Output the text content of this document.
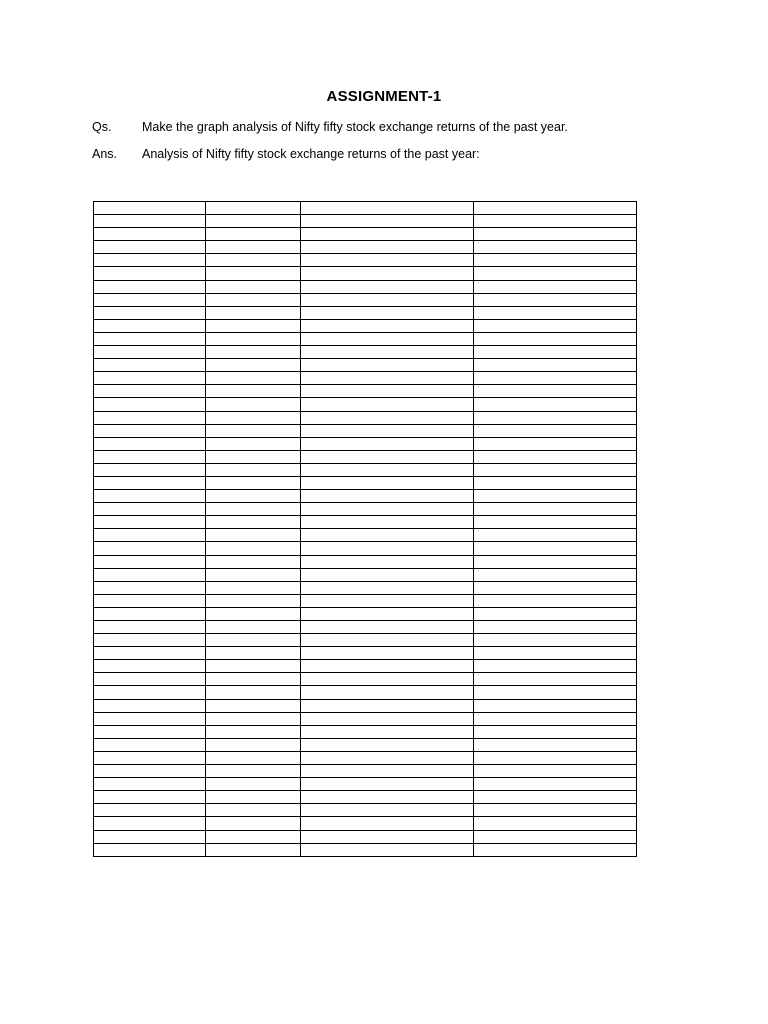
ASSIGNMENT-1
Qs. Make the graph analysis of Nifty fifty stock exchange returns of the past year.
Ans. Analysis of Nifty fifty stock exchange returns of the past year:
